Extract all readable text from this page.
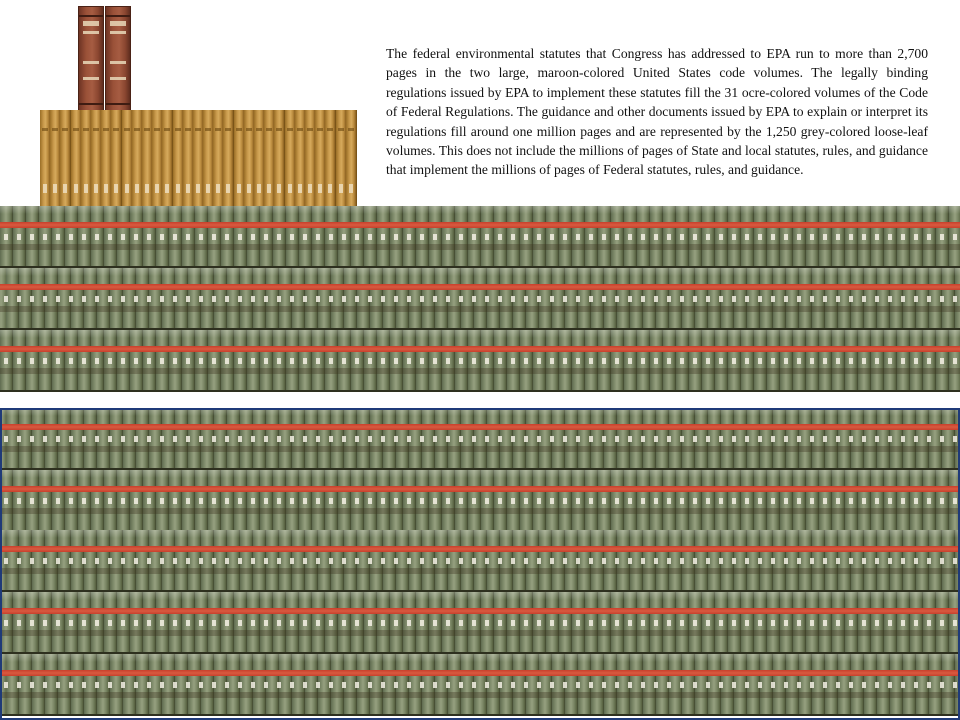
The federal environmental statutes that Congress has addressed to EPA run to more than 2,700 pages in the two large, maroon-colored United States code volumes. The legally binding regulations issued by EPA to implement these statutes fill the 31 ocre-colored volumes of the Code of Federal Regulations. The guidance and other documents issued by EPA to explain or interpret its regulations fill around one million pages and are represented by the 1,250 grey-colored loose-leaf volumes. This does not include the millions of pages of State and local statutes, rules, and guidance that implement the millions of pages of Federal statutes, rules, and guidance.
